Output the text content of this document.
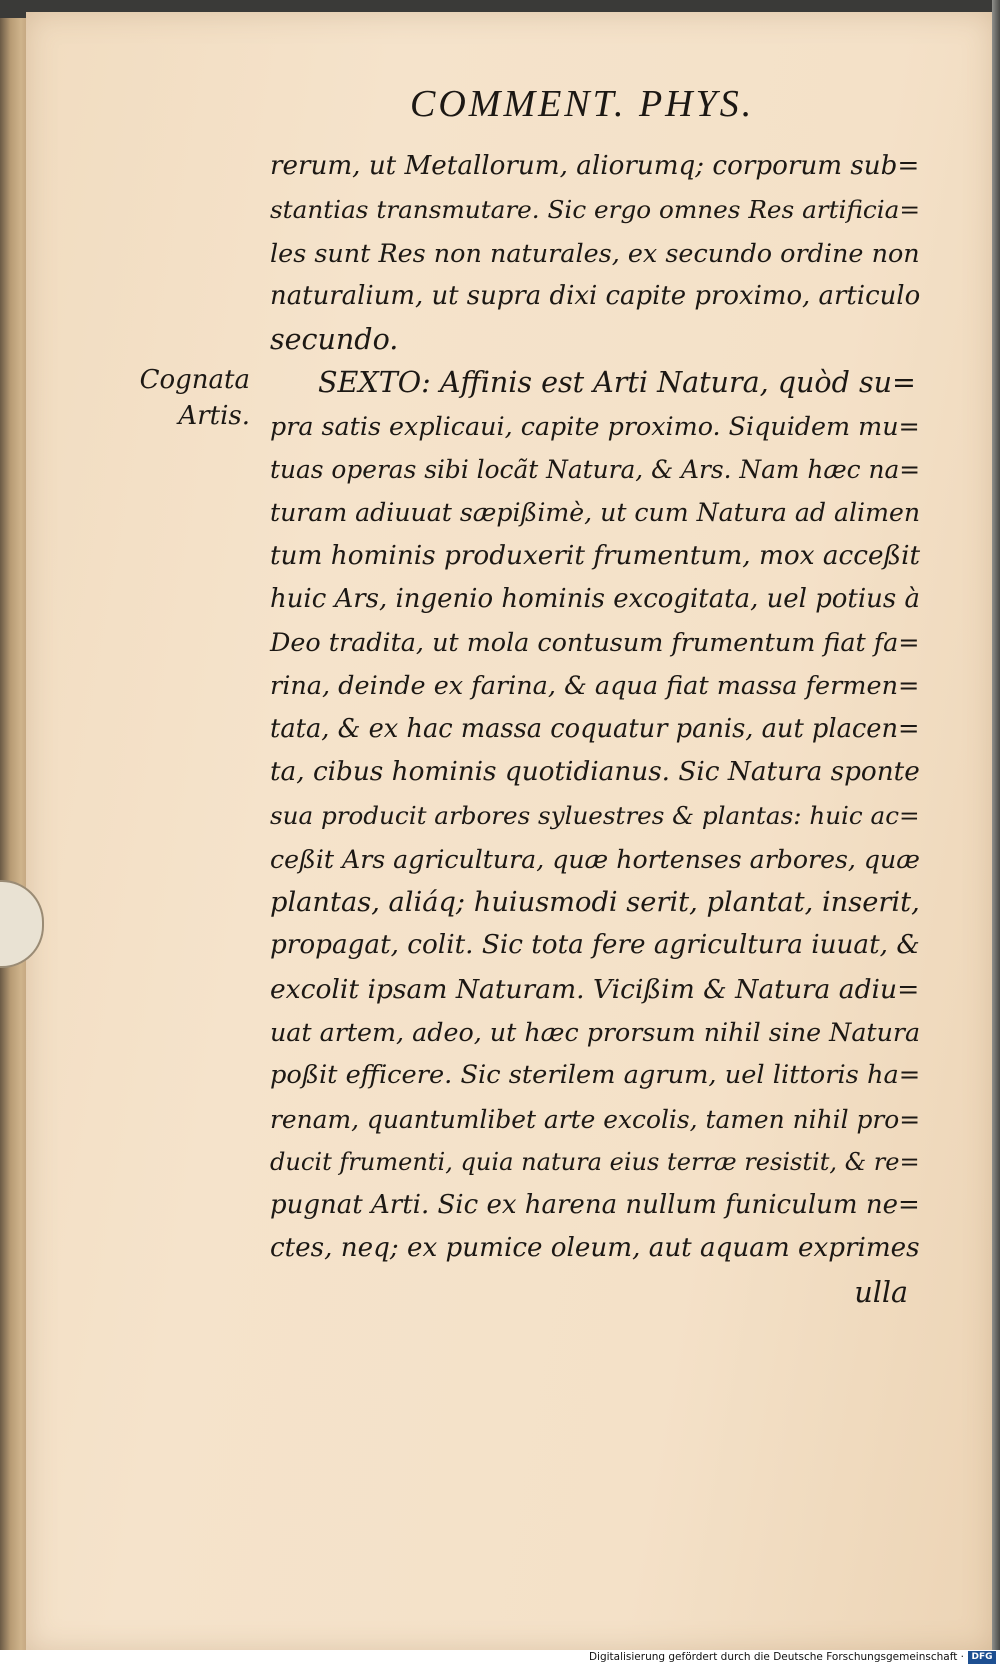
COMMENT. PHYS.
Cognata
Artis.
rerum, ut Metallorum, aliorumq; corporum sub=
stantias transmutare. Sic ergo omnes Res artificia=
les sunt Res non naturales, ex secundo ordine non
naturalium, ut supra dixi capite proximo, articulo
secundo.
SEXTO: Affinis est Arti Natura, quòd su=
pra satis explicaui, capite proximo. Siquidem mu=
tuas operas sibi locãt Natura, & Ars. Nam hæc na=
turam adiuuat sæpißimè, ut cum Natura ad alimen
tum hominis produxerit frumentum, mox acceßit
huic Ars, ingenio hominis excogitata, uel potius à
Deo tradita, ut mola contusum frumentum fiat fa=
rina, deinde ex farina, & aqua fiat massa fermen=
tata, & ex hac massa coquatur panis, aut placen=
ta, cibus hominis quotidianus. Sic Natura sponte
sua producit arbores syluestres & plantas: huic ac=
ceßit Ars agricultura, quæ hortenses arbores, quæ
plantas, aliáq; huiusmodi serit, plantat, inserit,
propagat, colit. Sic tota fere agricultura iuuat, &
excolit ipsam Naturam. Vicißim & Natura adiu=
uat artem, adeo, ut hæc prorsum nihil sine Natura
poßit efficere. Sic sterilem agrum, uel littoris ha=
renam, quantumlibet arte excolis, tamen nihil pro=
ducit frumenti, quia natura eius terræ resistit, & re=
pugnat Arti. Sic ex harena nullum funiculum ne=
ctes, neq; ex pumice oleum, aut aquam exprimes
ulla
Digitalisierung gefördert durch die Deutsche Forschungsgemeinschaft · DFG
